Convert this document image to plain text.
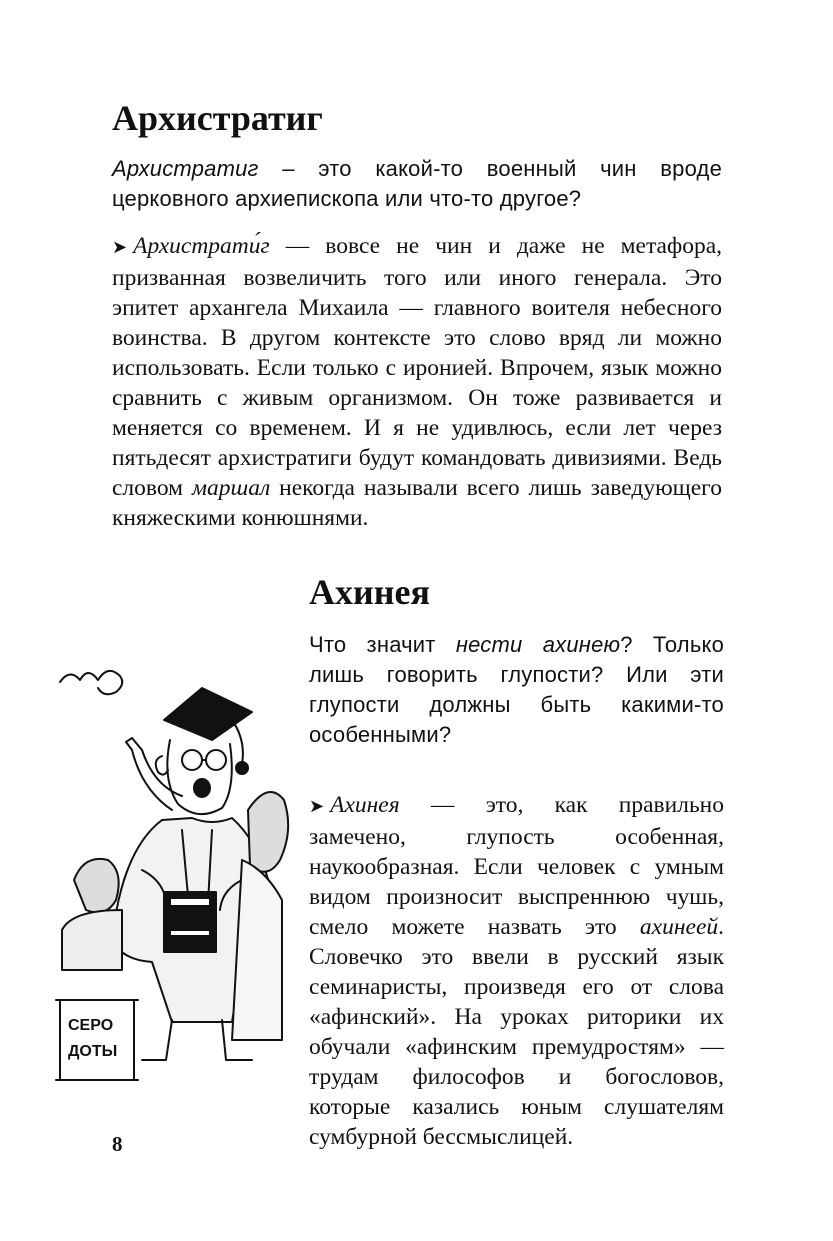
Архистратиг

Архистратиг – это какой-то военный чин вроде церковного архиепископа или что-то другое?

➤ Архистрати́г — вовсе не чин и даже не метафора, призванная возвеличить того или иного генерала. Это эпитет архангела Михаила — главного воителя небесного воинства. В другом контексте это слово вряд ли можно использовать. Если только с иронией. Впрочем, язык можно сравнить с живым организмом. Он тоже развивается и меняется со временем. И я не удивлюсь, если лет через пятьдесят архистратиги будут командовать дивизиями. Ведь словом маршал некогда называли всего лишь заведующего княжескими конюшнями.

Ахинея

Что значит нести ахинею? Только лишь говорить глупости? Или эти глупости должны быть какими-то особенными?

➤ Ахинея — это, как правильно замечено, глупость особенная, наукообразная. Если человек с умным видом произносит выспреннюю чушь, смело можете назвать это ахинеей. Словечко это ввели в русский язык семинаристы, произведя его от слова «афинский». На уроках риторики их обучали «афинским премудростям» — трудам философов и богословов, которые казались юным слушателям сумбурной бессмыслицей.

СЕРО
ДОТЫ
8
